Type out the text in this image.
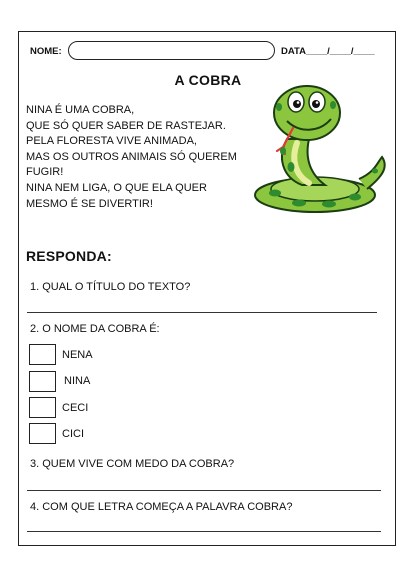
NOME:	DATA____/____/____
A COBRA
NINA É UMA COBRA,
QUE SÓ QUER SABER DE RASTEJAR.
PELA FLORESTA VIVE ANIMADA,
MAS OS OUTROS ANIMAIS SÓ QUEREM
FUGIR!
NINA NEM LIGA, O QUE ELA QUER
MESMO É SE DIVERTIR!
RESPONDA:
1. QUAL O TÍTULO DO TEXTO?
2. O NOME DA COBRA É:
NENA
NINA
CECI
CICI
3. QUEM VIVE COM MEDO DA COBRA?
4. COM QUE LETRA COMEÇA A PALAVRA COBRA?
